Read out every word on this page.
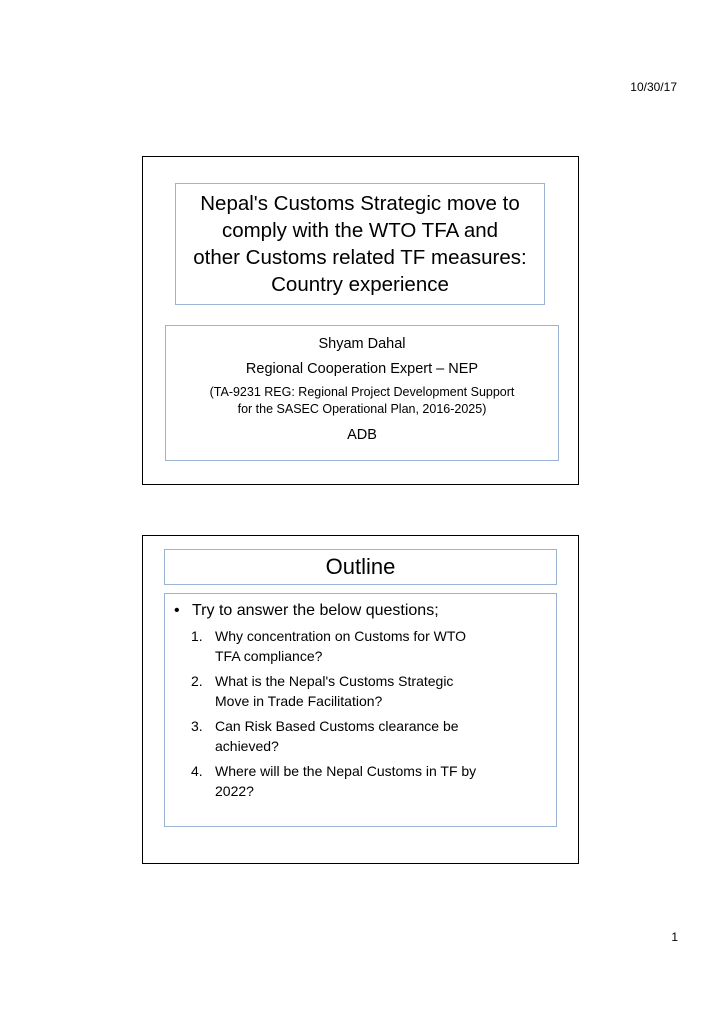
10/30/17
Nepal's Customs Strategic move to
comply with the WTO TFA and
other Customs related TF measures:
Country experience
Shyam Dahal
Regional Cooperation Expert – NEP
(TA-9231 REG: Regional Project Development Support
for the SASEC Operational Plan, 2016-2025)
ADB
Outline
• Try to answer the below questions;
1. Why concentration on Customs for WTO
TFA compliance?
2. What is the Nepal's Customs Strategic
Move in Trade Facilitation?
3. Can Risk Based Customs clearance be
achieved?
4. Where will be the Nepal Customs in TF by
2022?
1
